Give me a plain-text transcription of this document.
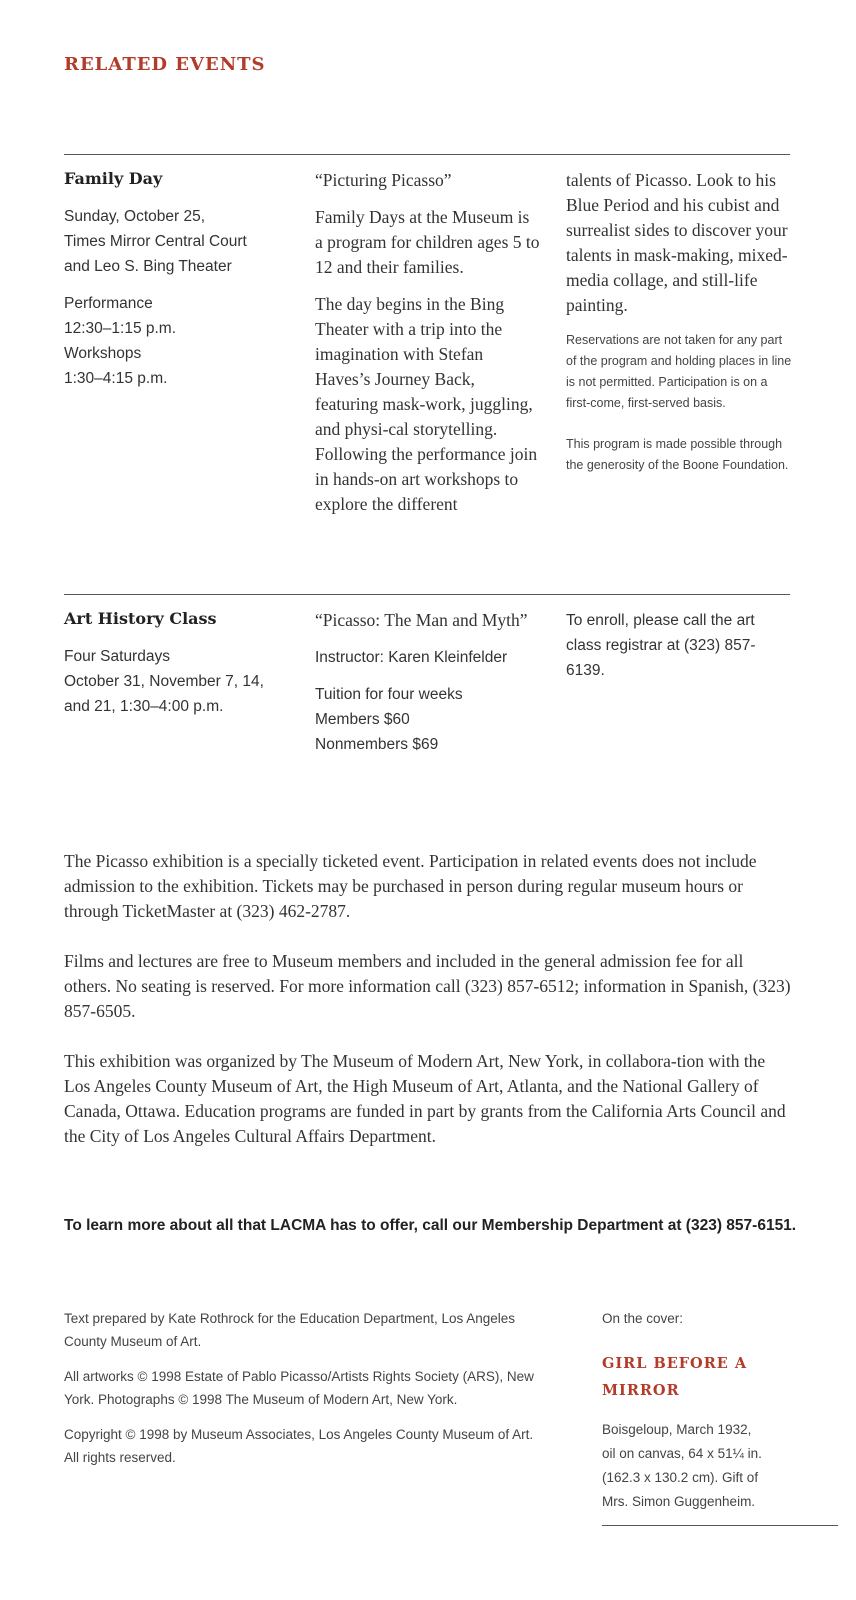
RELATED EVENTS
Family Day

Sunday, October 25,

Times Mirror Central Court

and Leo S. Bing Theater

Performance

12:30–1:15 p.m.

Workshops

1:30–4:15 p.m.

“Picturing Picasso”

Family Days at the Museum is a program for children ages 5 to 12 and their families.

The day begins in the Bing Theater with a trip into the imagination with Stefan Haves’s Journey Back, featuring mask-work, juggling, and physi-cal storytelling. Following the performance join in hands-on art workshops to explore the different

talents of Picasso. Look to his Blue Period and his cubist and surrealist sides to discover your talents in mask-making, mixed-media collage, and still-life painting.

Reservations are not taken for any part of the program and holding places in line is not permitted. Participation is on a first-come, first-served basis.

This program is made possible through the generosity of the Boone Foundation.

Art History Class

Four Saturdays

October 31, November 7, 14,

and 21, 1:30–4:00 p.m.

“Picasso: The Man and Myth”

Instructor: Karen Kleinfelder

Tuition for four weeks

Members $60

Nonmembers $69

To enroll, please call the art class registrar at (323) 857-6139.

The Picasso exhibition is a specially ticketed event. Participation in related events does not include admission to the exhibition. Tickets may be purchased in person during regular museum hours or through TicketMaster at (323) 462-2787.

Films and lectures are free to Museum members and included in the general admission fee for all others. No seating is reserved. For more information call (323) 857-6512; information in Spanish, (323) 857-6505.

This exhibition was organized by The Museum of Modern Art, New York, in collabora-tion with the Los Angeles County Museum of Art, the High Museum of Art, Atlanta, and the National Gallery of Canada, Ottawa. Education programs are funded in part by grants from the California Arts Council and the City of Los Angeles Cultural Affairs Department.

To learn more about all that LACMA has to offer, call our Membership Department at (323) 857-6151.

Text prepared by Kate Rothrock for the Education Department, Los Angeles County Museum of Art.

All artworks © 1998 Estate of Pablo Picasso/Artists Rights Society (ARS), New York. Photographs © 1998 The Museum of Modern Art, New York.

Copyright © 1998 by Museum Associates, Los Angeles County Museum of Art. All rights reserved.

On the cover:

GIRL BEFORE A
MIRROR
Boisgeloup, March 1932,
oil on canvas, 64 x 51¼ in.
(162.3 x 130.2 cm). Gift of
Mrs. Simon Guggenheim.
